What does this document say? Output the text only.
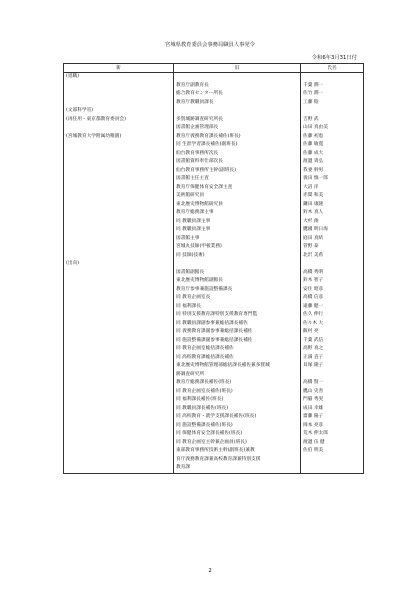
宮城県教育委員会事務局職員人事発令
令和6年3月31日付
新	旧	氏名
(退職)		
	教育庁副教育長	千葉 潤一
	総合教育センター所長	佐竹 潤一
	教育庁教職員課長	工藤 稔
(文部科学省)		
(再任用・東京都教育委員会)	多賀城跡調査研究所長	吉野 武
	図書館企画管理部長	山田 真由美
(宮城教育大学附属幼稚園)	教育庁義務教育課長補佐(班長)	佐藤 初恵
	同 生涯学習課長補佐(副班長)	佐藤 敏寛
	仙台教育事務所次長	佐藤 成大
	図書館資料奉仕部次長	渡邊 貴弘
	仙台教育事務所主幹(副班長)	我妻 幹男
	図書館主任主査	義田 慎一郎
	教育庁保健体育安全課主査	大沼 洋
	美術館研究員	赤間 和美
	東北歴史博物館研究員	鎌田 康隆
	教育庁総務課主事	鈴木 真人
	同 教職員課主事	大杉 俊
	同 教職員課主事	鷹國 明日海
	図書館主事	庭田 真結
	宮城丸技師(甲板業務)	菅野 泰
	同 技師(技術)	北沢 美希
(出向)		
	図書館副館長	高橋 秀明
	東北歴史博物館副館長	鈴木 智子
	教育庁参事兼施設整備課長	安住 昭彦
	同 教育企画室長	高橋 信彦
	同 福利課長	遠藤 健一
	同 特別支援教育課特別支援教育専門監	佐久 伸行
	同 教職員課副参事兼総括課長補佐	佐々木 大
	同 義務教育課副参事兼総括課長補佐	飯村 亮
	同 施設整備課副参事兼総括課長補佐	千葉 武信
	同 教育企画室総括課長補佐	高野 真之
	同 高校教育課総括課長補佐	正満 直子
	東北歴史博物館管理部総括課長補佐兼多賀城	貝塚 隆子
	跡調査研究所	
	教育庁総務課長補佐(班長)	高橋 賢一
	同 教育企画室長補佐(班長)	鷹山 史善
	同 福利課長補佐(班長)	門脇 秀実
	同 教職員課長補佐(班長)	成田 幸雄
	同 高校教育・就学支援課長補佐(班長)	齋藤 陽子
	同 施設整備課長補佐(班長)	岡本 亮彦
	同 保健体育安全課長補佐(班長)	荒木 伸太郎
	同 教育企画室主幹兼企画員(班長)	渡邊 伍 健
	東部教育事務所技術主幹(副班長)兼教	佐伯 明美
	育庁義務教育課兼高校教育課兼特別支援	
	教育課	
2
